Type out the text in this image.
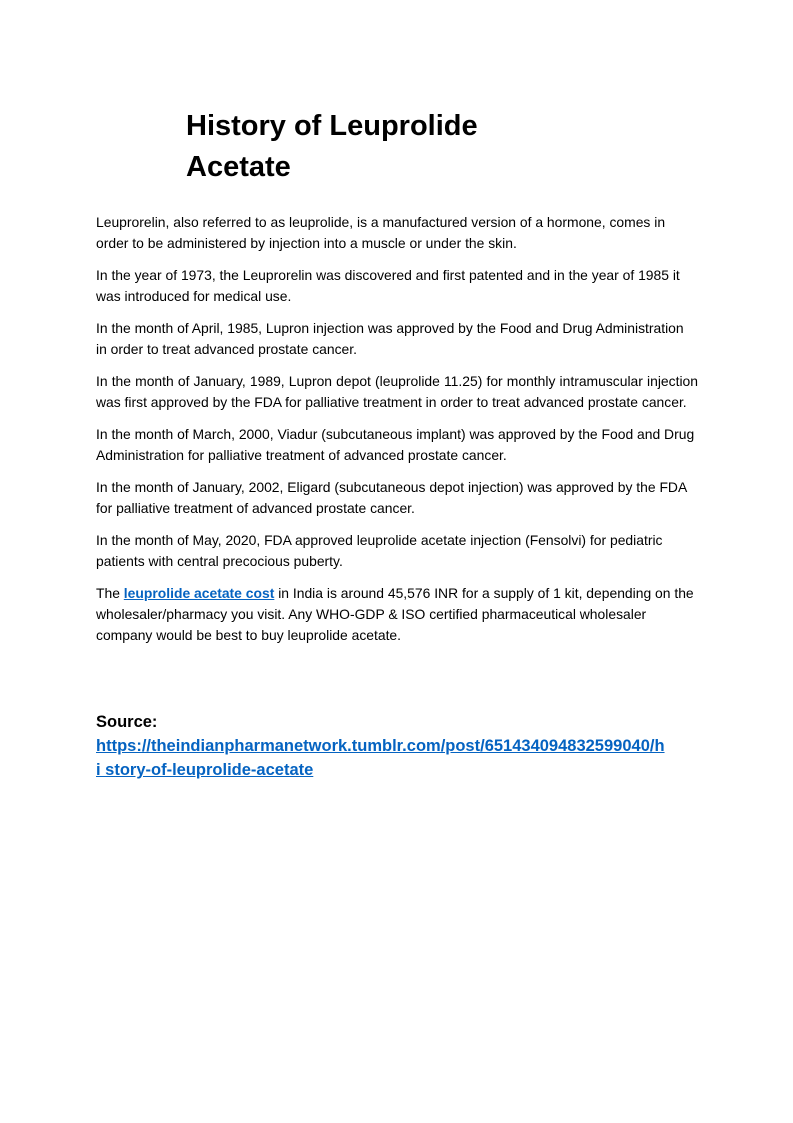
History of Leuprolide
Acetate

Leuprorelin, also referred to as leuprolide, is a manufactured version of a hormone, comes in order to be administered by injection into a muscle or under the skin.

In the year of 1973, the Leuprorelin was discovered and first patented and in the year of 1985 it was introduced for medical use.

In the month of April, 1985, Lupron injection was approved by the Food and Drug Administration in order to treat advanced prostate cancer.

In the month of January, 1989, Lupron depot (leuprolide 11.25) for monthly intramuscular injection was first approved by the FDA for palliative treatment in order to treat advanced prostate cancer.

In the month of March, 2000, Viadur (subcutaneous implant) was approved by the Food and Drug Administration for palliative treatment of advanced prostate cancer.

In the month of January, 2002, Eligard (subcutaneous depot injection) was approved by the FDA for palliative treatment of advanced prostate cancer.

In the month of May, 2020, FDA approved leuprolide acetate injection (Fensolvi) for pediatric patients with central precocious puberty.

The leuprolide acetate cost in India is around 45,576 INR for a supply of 1 kit, depending on the wholesaler/pharmacy you visit. Any WHO-GDP & ISO certified pharmaceutical wholesaler company would be best to buy leuprolide acetate.

Source:

https://theindianpharmanetwork.tumblr.com/post/651434094832599040/h
i story-of-leuprolide-acetate
